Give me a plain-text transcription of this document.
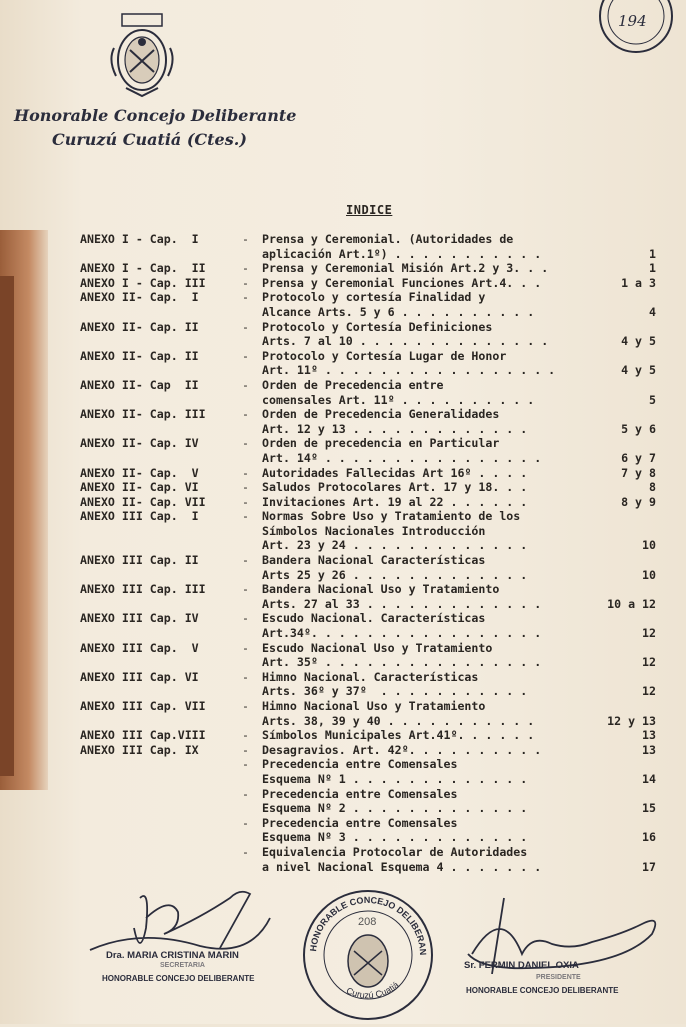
Honorable Concejo Deliberante
Curuzú Cuatiá (Ctes.)
194
INDICE
ANEXO I - Cap.  I	- Prensa y Ceremonial. (Autoridades de
aplicación Art.1º) . . . . . . . . . . .	1
ANEXO I - Cap.  II	- Prensa y Ceremonial Misión Art.2 y 3. . .	1
ANEXO I - Cap. III	- Prensa y Ceremonial Funciones Art.4. . .	1 a 3
ANEXO II- Cap.  I	- Protocolo y cortesía Finalidad y
Alcance Arts. 5 y 6 . . . . . . . . . .	4
ANEXO II- Cap. II	- Protocolo y Cortesía Definiciones
Arts. 7 al 10 . . . . . . . . . . . . . .	4 y 5
ANEXO II- Cap. II	- Protocolo y Cortesía Lugar de Honor
Art. 11º . . . . . . . . . . . . . . . . .	4 y 5
ANEXO II- Cap  II	- Orden de Precedencia entre
comensales Art. 11º . . . . . . . . . .	5
ANEXO II- Cap. III	- Orden de Precedencia Generalidades
Art. 12 y 13 . . . . . . . . . . . . .	5 y 6
ANEXO II- Cap. IV	- Orden de precedencia en Particular
Art. 14º . . . . . . . . . . . . . . . .	6 y 7
ANEXO II- Cap.  V	- Autoridades Fallecidas Art 16º . . . .	7 y 8
ANEXO II- Cap. VI	- Saludos Protocolares Art. 17 y 18. . .	8
ANEXO II- Cap. VII	- Invitaciones Art. 19 al 22 . . . . . .	8 y 9
ANEXO III Cap.  I	- Normas Sobre Uso y Tratamiento de los
Símbolos Nacionales Introducción
Art. 23 y 24 . . . . . . . . . . . . .	10
ANEXO III Cap. II	- Bandera Nacional Características
Arts 25 y 26 . . . . . . . . . . . . .	10
ANEXO III Cap. III	- Bandera Nacional Uso y Tratamiento
Arts. 27 al 33 . . . . . . . . . . . . .	10 a 12
ANEXO III Cap. IV	- Escudo Nacional. Características
Art.34º. . . . . . . . . . . . . . . . .	12
ANEXO III Cap.  V	- Escudo Nacional Uso y Tratamiento
Art. 35º . . . . . . . . . . . . . . . .	12
ANEXO III Cap. VI	- Himno Nacional. Características
Arts. 36º y 37º  . . . . . . . . . . .	12
ANEXO III Cap. VII	- Himno Nacional Uso y Tratamiento
Arts. 38, 39 y 40 . . . . . . . . . . .	12 y 13
ANEXO III Cap.VIII	- Símbolos Municipales Art.41º. . . . . .	13
ANEXO III Cap. IX	- Desagravios. Art. 42º. . . . . . . . . .	13
- Precedencia entre Comensales
Esquema Nº 1 . . . . . . . . . . . . .	14
- Precedencia entre Comensales
Esquema Nº 2 . . . . . . . . . . . . .	15
- Precedencia entre Comensales
Esquema Nº 3 . . . . . . . . . . . . .	16
- Equivalencia Protocolar de Autoridades
a nivel Nacional Esquema 4 . . . . . . .	17
Dra. MARIA CRISTINA MARIN
SECRETARIA
HONORABLE CONCEJO DELIBERANTE
HONORABLE CONCEJO DELIBERAN
Curuzú Cuatiá
208
Sr. FERMIN DANIEL OXIA
PRESIDENTE
HONORABLE CONCEJO DELIBERANTE
